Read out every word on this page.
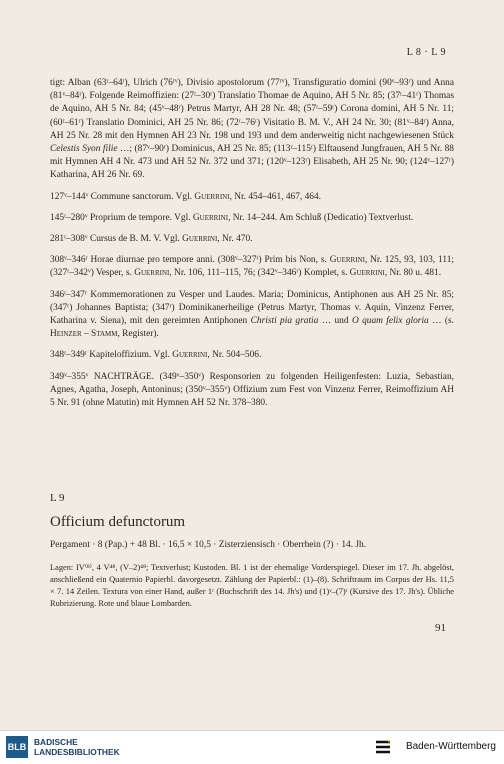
L 8 · L 9

tigt: Alban (63ʳ–64ʳ), Ulrich (76ʳᵛ), Divisio apostolorum (77ʳᵛ), Transfiguratio domini (90ᵛ–93ʳ) und Anna (81ᵛ–84ʳ). Folgende Reimoffizien: (27ʳ–30ʳ) Translatio Thomae de Aquino, AH 5 Nr. 85; (37ʳ–41ʳ) Thomas de Aquino, AH 5 Nr. 84; (45ᵛ–48ʳ) Petrus Martyr, AH 28 Nr. 48; (57ʳ–59ʳ) Corona domini, AH 5 Nr. 11; (60ʳ–61ʳ) Translatio Dominici, AH 25 Nr. 86; (72ʳ–76ʳ) Visitatio B. M. V., AH 24 Nr. 30; (81ᵛ–84ʳ) Anna, AH 25 Nr. 28 mit den Hymnen AH 23 Nr. 198 und 193 und dem anderweitig nicht nachgewiesenen Stück Celestis Syon filie …; (87ᵛ–90ʳ) Dominicus, AH 25 Nr. 85; (113ʳ–115ʳ) Elftausend Jungfrauen, AH 5 Nr. 88 mit Hymnen AH 4 Nr. 473 und AH 52 Nr. 372 und 371; (120ᵛ–123ʳ) Elisabeth, AH 25 Nr. 90; (124ᵛ–127ʳ) Katharina, AH 26 Nr. 69.

127ᵛ–144ᵛ Commune sanctorum. Vgl. Guerrini, Nr. 454–461, 467, 464.

145ʳ–280ᵛ Proprium de tempore. Vgl. Guerrini, Nr. 14–244. Am Schluß (Dedicatio) Textverlust.

281ʳ–308ᵛ Cursus de B. M. V. Vgl. Guerrini, Nr. 470.

308ᵛ–346ʳ Horae diurnae pro tempore anni. (308ᵛ–327ʳ) Prim bis Non, s. Guerrini, Nr. 125, 93, 103, 111; (327ʳ–342ᵛ) Vesper, s. Guerrini, Nr. 106, 111–115, 76; (342ᵛ–346ʳ) Komplet, s. Guerrini, Nr. 80 u. 481.

346ʳ–347ʳ Kommemorationen zu Vesper und Laudes. Maria; Dominicus, Antiphonen aus AH 25 Nr. 85; (347ʳ) Johannes Baptista; (347ʳ) Dominikanerheilige (Petrus Martyr, Thomas v. Aquin, Vinzenz Ferrer, Katharina v. Siena), mit den gereimten Antiphonen Christi pia gratia … und O quam felix gloria … (s. Heinzer – Stamm, Register).

348ʳ–349ʳ Kapiteloffizium. Vgl. Guerrini, Nr. 504–506.

349ᵛ–355ᵛ NACHTRÄGE. (349ᵛ–350ᵛ) Responsorien zu folgenden Heiligenfesten: Luzia, Sebastian, Agnes, Agatha, Joseph, Antoninus; (350ᵛ–355ᵛ) Offizium zum Fest von Vinzenz Ferrer, Reimoffizium AH 5 Nr. 91 (ohne Matutin) mit Hymnen AH 52 Nr. 378–380.

L 9
Officium defunctorum
Pergament · 8 (Pap.) + 48 Bl. · 16,5 × 10,5 · Zisterziensisch · Oberrhein (?) · 14. Jh.
Lagen: IV⁽⁸⁾, 4 V⁴⁸, (V–2)⁴⁸; Textverlust; Kustoden. Bl. 1 ist der ehemalige Vorderspiegel. Dieser im 17. Jh. abgelöst, anschließend ein Quaternio Papierbl. davorgesetzt. Zählung der Papierbl.: (1)–(8). Schriftraum im Corpus der Hs. 11,5 × 7. 14 Zeilen. Textura von einer Hand, außer 1ʳ (Buchschrift des 14. Jh's) und (1)ᵛ–(7)ʳ (Kursive des 17. Jh's). Übliche Rubrizierung. Rote und blaue Lombarden.
91
BLB BADISCHE
LANDESBIBLIOTHEK	Baden-Württemberg
